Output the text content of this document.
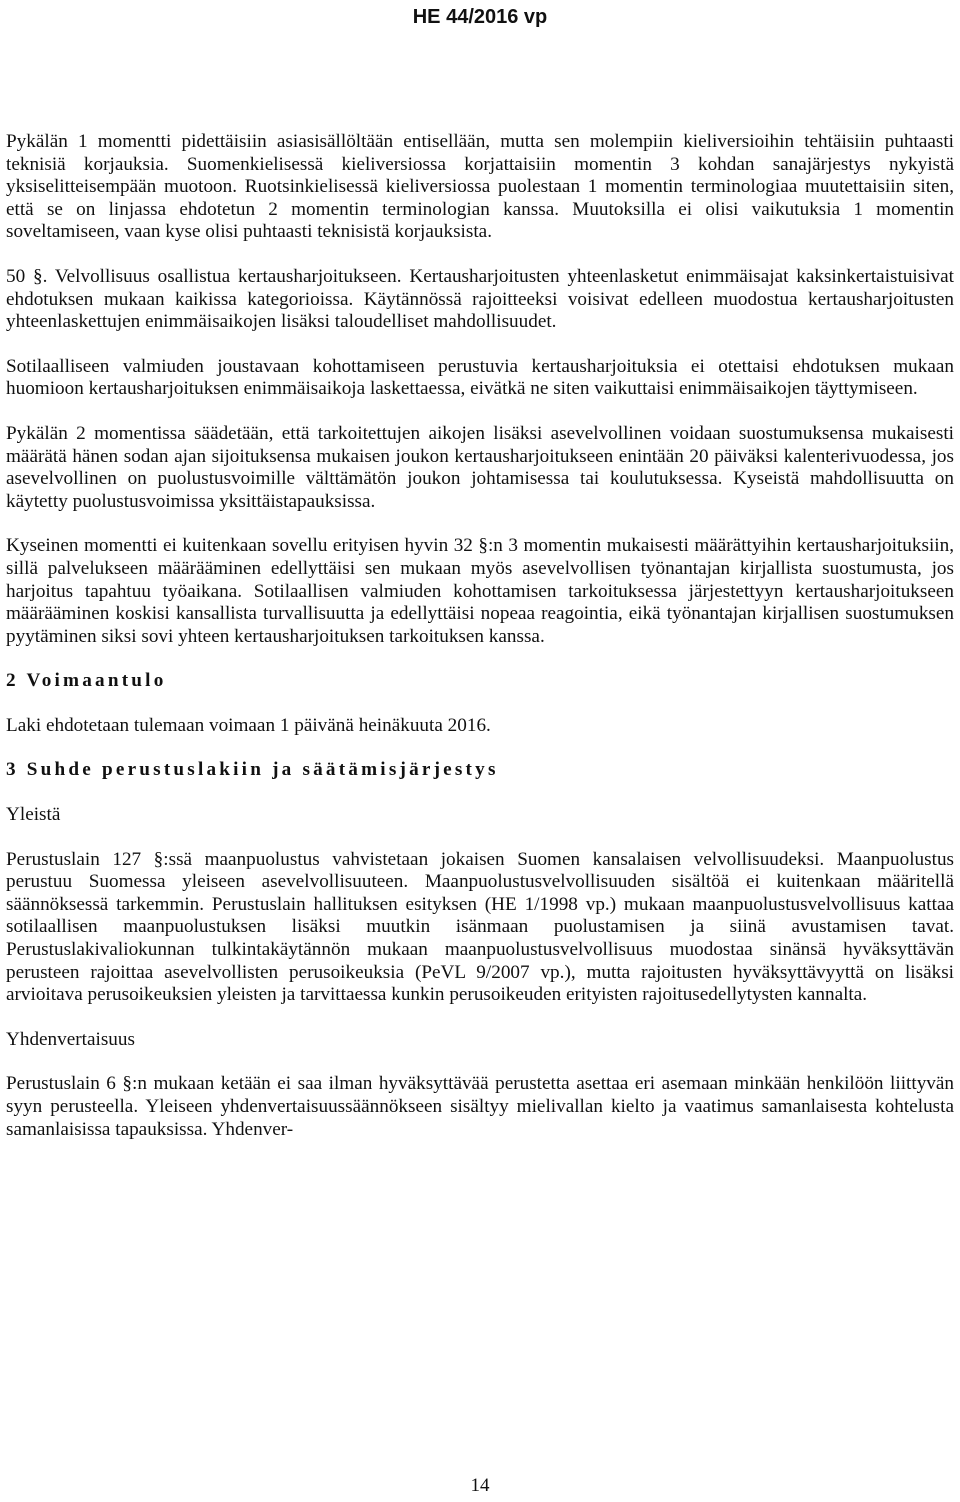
HE 44/2016 vp

Pykälän 1 momentti pidettäisiin asiasisällöltään entisellään, mutta sen molempiin kieliversioihin tehtäisiin puhtaasti teknisiä korjauksia. Suomenkielisessä kieliversiossa korjattaisiin momentin 3 kohdan sanajärjestys nykyistä yksiselitteisempään muotoon. Ruotsinkielisessä kieliversiossa puolestaan 1 momentin terminologiaa muutettaisiin siten, että se on linjassa ehdotetun 2 momentin terminologian kanssa. Muutoksilla ei olisi vaikutuksia 1 momentin soveltamiseen, vaan kyse olisi puhtaasti teknisistä korjauksista.

50 §. Velvollisuus osallistua kertausharjoitukseen. Kertausharjoitusten yhteenlasketut enimmäisajat kaksinkertaistuisivat ehdotuksen mukaan kaikissa kategorioissa. Käytännössä rajoitteeksi voisivat edelleen muodostua kertausharjoitusten yhteenlaskettujen enimmäisaikojen lisäksi taloudelliset mahdollisuudet.

Sotilaalliseen valmiuden joustavaan kohottamiseen perustuvia kertausharjoituksia ei otettaisi ehdotuksen mukaan huomioon kertausharjoituksen enimmäisaikoja laskettaessa, eivätkä ne siten vaikuttaisi enimmäisaikojen täyttymiseen.

Pykälän 2 momentissa säädetään, että tarkoitettujen aikojen lisäksi asevelvollinen voidaan suostumuksensa mukaisesti määrätä hänen sodan ajan sijoituksensa mukaisen joukon kertausharjoitukseen enintään 20 päiväksi kalenterivuodessa, jos asevelvollinen on puolustusvoimille välttämätön joukon johtamisessa tai koulutuksessa. Kyseistä mahdollisuutta on käytetty puolustusvoimissa yksittäistapauksissa.

Kyseinen momentti ei kuitenkaan sovellu erityisen hyvin 32 §:n 3 momentin mukaisesti määrättyihin kertausharjoituksiin, sillä palvelukseen määrääminen edellyttäisi sen mukaan myös asevelvollisen työnantajan kirjallista suostumusta, jos harjoitus tapahtuu työaikana. Sotilaallisen valmiuden kohottamisen tarkoituksessa järjestettyyn kertausharjoitukseen määrääminen koskisi kansallista turvallisuutta ja edellyttäisi nopeaa reagointia, eikä työnantajan kirjallisen suostumuksen pyytäminen siksi sovi yhteen kertausharjoituksen tarkoituksen kanssa.

2 Voimaantulo

Laki ehdotetaan tulemaan voimaan 1 päivänä heinäkuuta 2016.

3 Suhde perustuslakiin ja säätämisjärjestys
Yleistä

Perustuslain 127 §:ssä maanpuolustus vahvistetaan jokaisen Suomen kansalaisen velvollisuudeksi. Maanpuolustus perustuu Suomessa yleiseen asevelvollisuuteen. Maanpuolustusvelvollisuuden sisältöä ei kuitenkaan määritellä säännöksessä tarkemmin. Perustuslain hallituksen esityksen (HE 1/1998 vp.) mukaan maanpuolustusvelvollisuus kattaa sotilaallisen maanpuolustuksen lisäksi muutkin isänmaan puolustamisen ja siinä avustamisen tavat. Perustuslakivaliokunnan tulkintakäytännön mukaan maanpuolustusvelvollisuus muodostaa sinänsä hyväksyttävän perusteen rajoittaa asevelvollisten perusoikeuksia (PeVL 9/2007 vp.), mutta rajoitusten hyväksyttävyyttä on lisäksi arvioitava perusoikeuksien yleisten ja tarvittaessa kunkin perusoikeuden erityisten rajoitusedellytysten kannalta.

Yhdenvertaisuus

Perustuslain 6 §:n mukaan ketään ei saa ilman hyväksyttävää perustetta asettaa eri asemaan minkään henkilöön liittyvän syyn perusteella. Yleiseen yhdenvertaisuussäännökseen sisältyy mielivallan kielto ja vaatimus samanlaisesta kohtelusta samanlaisissa tapauksissa. Yhdenver-

14
